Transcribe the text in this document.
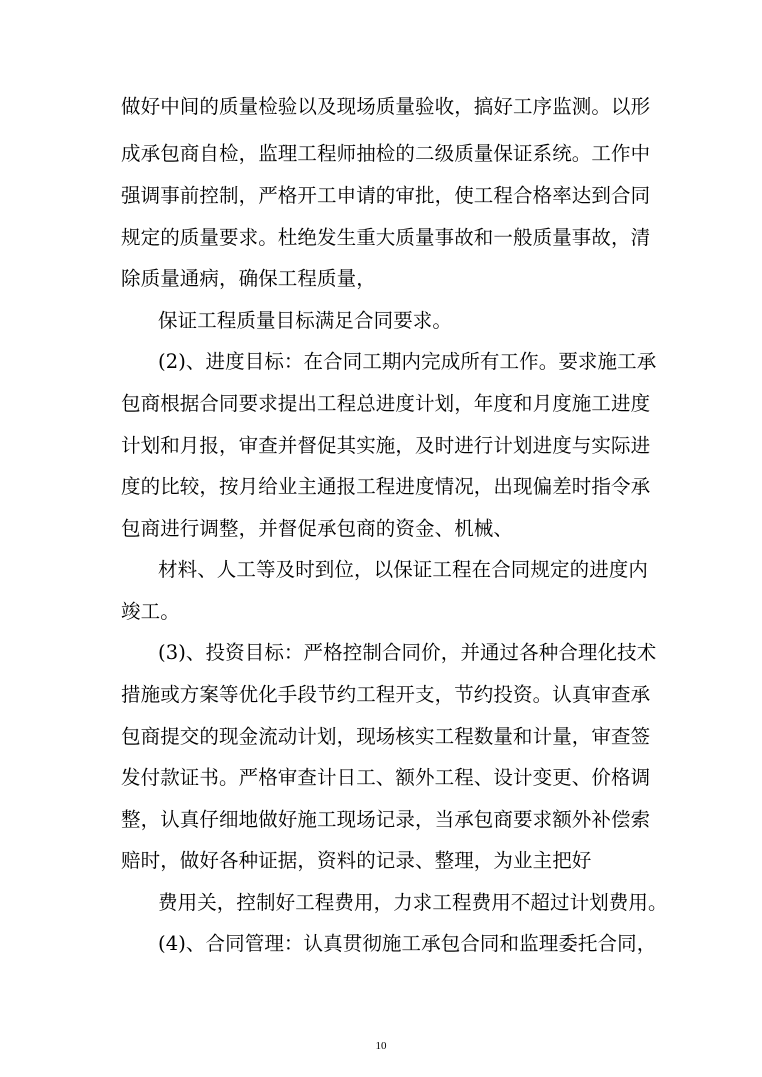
做好中间的质量检验以及现场质量验收，搞好工序监测。以形
成承包商自检，监理工程师抽检的二级质量保证系统。工作中
强调事前控制，严格开工申请的审批，使工程合格率达到合同
规定的质量要求。杜绝发生重大质量事故和一般质量事故，清
除质量通病，确保工程质量，
保证工程质量目标满足合同要求。
(2)、进度目标：在合同工期内完成所有工作。要求施工承
包商根据合同要求提出工程总进度计划，年度和月度施工进度
计划和月报，审查并督促其实施，及时进行计划进度与实际进
度的比较，按月给业主通报工程进度情况，出现偏差时指令承
包商进行调整，并督促承包商的资金、机械、
材料、人工等及时到位，以保证工程在合同规定的进度内
竣工。
(3)、投资目标：严格控制合同价，并通过各种合理化技术
措施或方案等优化手段节约工程开支，节约投资。认真审查承
包商提交的现金流动计划，现场核实工程数量和计量，审查签
发付款证书。严格审查计日工、额外工程、设计变更、价格调
整，认真仔细地做好施工现场记录，当承包商要求额外补偿索
赔时，做好各种证据，资料的记录、整理，为业主把好
费用关，控制好工程费用，力求工程费用不超过计划费用。
(4)、合同管理：认真贯彻施工承包合同和监理委托合同，
10
